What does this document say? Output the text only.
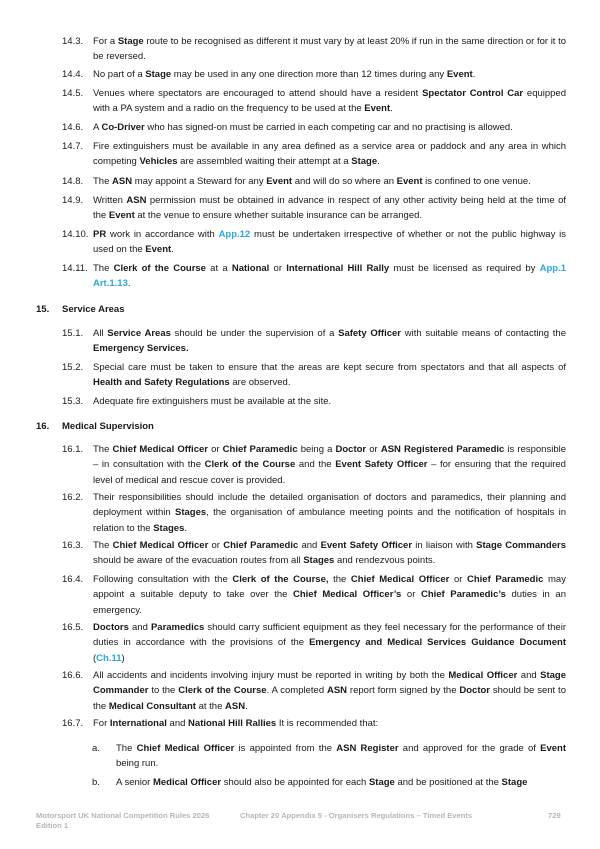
14.3. For a Stage route to be recognised as different it must vary by at least 20% if run in the same direction or for it to be reversed.
14.4. No part of a Stage may be used in any one direction more than 12 times during any Event.
14.5. Venues where spectators are encouraged to attend should have a resident Spectator Control Car equipped with a PA system and a radio on the frequency to be used at the Event.
14.6. A Co-Driver who has signed-on must be carried in each competing car and no practising is allowed.
14.7. Fire extinguishers must be available in any area defined as a service area or paddock and any area in which competing Vehicles are assembled waiting their attempt at a Stage.
14.8. The ASN may appoint a Steward for any Event and will do so where an Event is confined to one venue.
14.9. Written ASN permission must be obtained in advance in respect of any other activity being held at the time of the Event at the venue to ensure whether suitable insurance can be arranged.
14.10. PR work in accordance with App.12 must be undertaken irrespective of whether or not the public highway is used on the Event.
14.11. The Clerk of the Course at a National or International Hill Rally must be licensed as required by App.1 Art.1.13.
15. Service Areas
15.1. All Service Areas should be under the supervision of a Safety Officer with suitable means of contacting the Emergency Services.
15.2. Special care must be taken to ensure that the areas are kept secure from spectators and that all aspects of Health and Safety Regulations are observed.
15.3. Adequate fire extinguishers must be available at the site.
16. Medical Supervision
16.1. The Chief Medical Officer or Chief Paramedic being a Doctor or ASN Registered Paramedic is responsible – in consultation with the Clerk of the Course and the Event Safety Officer – for ensuring that the required level of medical and rescue cover is provided.
16.2. Their responsibilities should include the detailed organisation of doctors and paramedics, their planning and deployment within Stages, the organisation of ambulance meeting points and the notification of hospitals in relation to the Stages.
16.3. The Chief Medical Officer or Chief Paramedic and Event Safety Officer in liaison with Stage Commanders should be aware of the evacuation routes from all Stages and rendezvous points.
16.4. Following consultation with the Clerk of the Course, the Chief Medical Officer or Chief Paramedic may appoint a suitable deputy to take over the Chief Medical Officer’s or Chief Paramedic’s duties in an emergency.
16.5. Doctors and Paramedics should carry sufficient equipment as they feel necessary for the performance of their duties in accordance with the provisions of the Emergency and Medical Services Guidance Document (Ch.11)
16.6. All accidents and incidents involving injury must be reported in writing by both the Medical Officer and Stage Commander to the Clerk of the Course. A completed ASN report form signed by the Doctor should be sent to the Medical Consultant at the ASN.
16.7. For International and National Hill Rallies It is recommended that:
a. The Chief Medical Officer is appointed from the ASN Register and approved for the grade of Event being run.
b. A senior Medical Officer should also be appointed for each Stage and be positioned at the Stage
Motorsport UK National Competition Rules 2026
Edition 1
Chapter 20 Appendix 5 - Organisers Regulations – Timed Events	729
